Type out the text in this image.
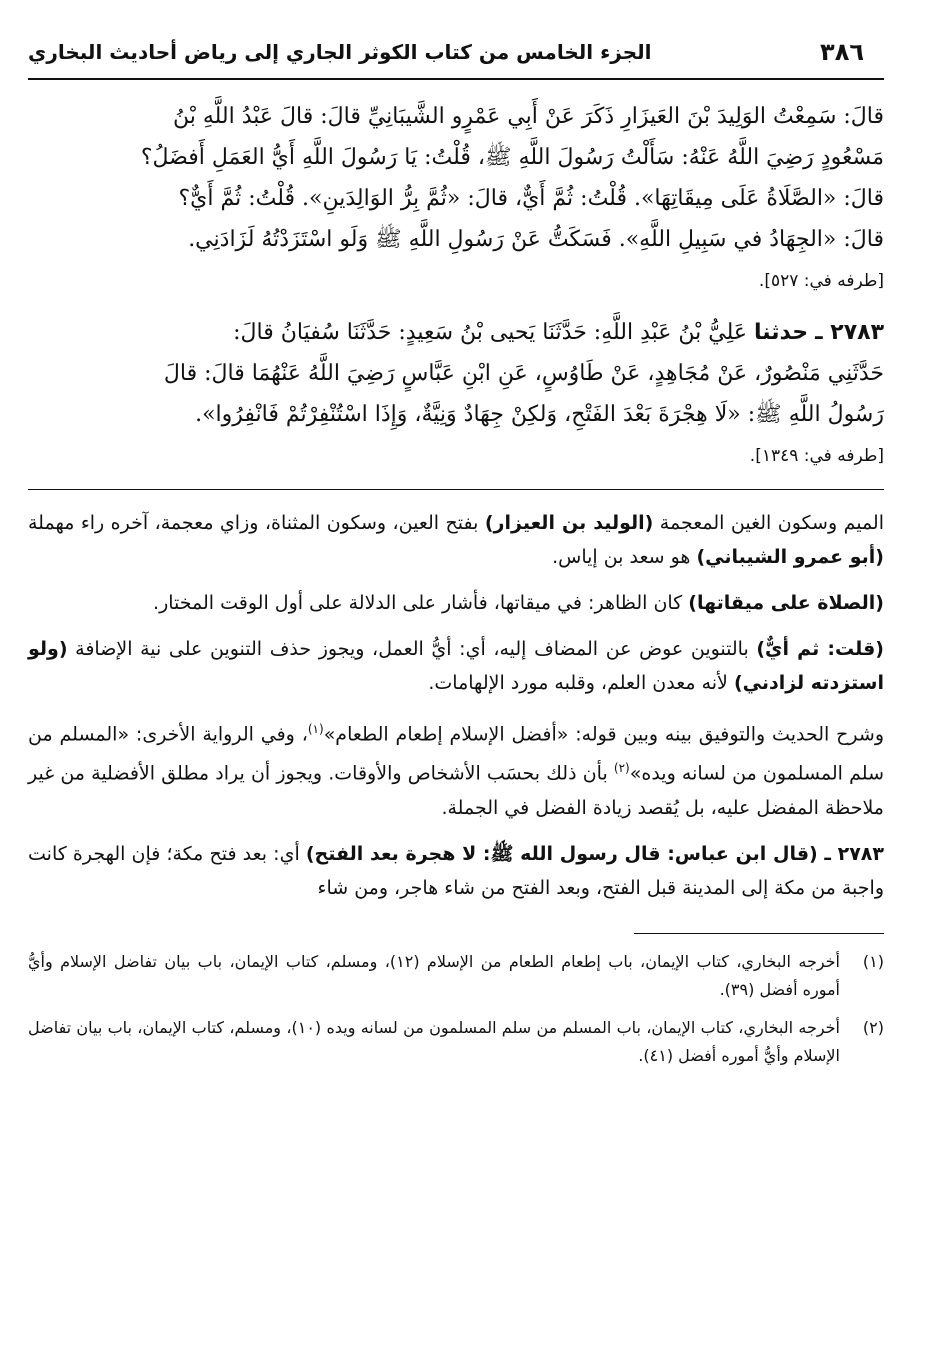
٣٨٦
الجزء الخامس من كتاب الكوثر الجاري إلى رياض أحاديث البخاري

قالَ: سَمِعْتُ الوَلِيدَ بْنَ العَيزَارِ ذَكَرَ عَنْ أَبِي عَمْرٍو الشَّيبَانِيِّ قالَ: قالَ عَبْدُ اللَّهِ بْنُ

مَسْعُودٍ رَضِيَ اللَّهُ عَنْهُ: سَأَلْتُ رَسُولَ اللَّهِ ﷺ، قُلْتُ: يَا رَسُولَ اللَّهِ أَيُّ العَمَلِ أَفضَلُ؟

قالَ: «الصَّلَاةُ عَلَى مِيقَاتِهَا». قُلْتُ: ثُمَّ أَيٌّ، قالَ: «ثُمَّ بِرُّ الوَالِدَينِ». قُلْتُ: ثُمَّ أَيٌّ؟

قالَ: «الجِهَادُ في سَبِيلِ اللَّهِ». فَسَكَتُّ عَنْ رَسُولِ اللَّهِ ﷺ وَلَو اسْتَزَدْتُهُ لَزَادَنِي.

[طرفه في: ٥٢٧].

٢٧٨٣ ـ حدثنا عَلِيُّ بْنُ عَبْدِ اللَّهِ: حَدَّثَنَا يَحيى بْنُ سَعِيدٍ: حَدَّثَنَا سُفيَانُ قالَ:

حَدَّثَنِي مَنْصُورٌ، عَنْ مُجَاهِدٍ، عَنْ طَاوُسٍ، عَنِ ابْنِ عَبَّاسٍ رَضِيَ اللَّهُ عَنْهُمَا قالَ: قالَ

رَسُولُ اللَّهِ ﷺ: «لَا هِجْرَةَ بَعْدَ الفَتْحِ، وَلكِنْ جِهَادٌ وَنِيَّةٌ، وَإِذَا اسْتُنْفِرْتُمْ فَانْفِرُوا».

[طرفه في: ١٣٤٩].

الميم وسكون الغين المعجمة (الوليد بن العيزار) بفتح العين، وسكون المثناة، وزاي معجمة، آخره راء مهملة (أبو عمرو الشيباني) هو سعد بن إياس.

(الصلاة على ميقاتها) كان الظاهر: في ميقاتها، فأشار على الدلالة على أول الوقت المختار.

(قلت: ثم أيٌّ) بالتنوين عوض عن المضاف إليه، أي: أيُّ العمل، ويجوز حذف التنوين على نية الإضافة (ولو استزدته لزادني) لأنه معدن العلم، وقلبه مورد الإلهامات.

وشرح الحديث والتوفيق بينه وبين قوله: «أفضل الإسلام إطعام الطعام»$^{(١)}$، وفي الرواية الأخرى: «المسلم من سلم المسلمون من لسانه ويده»$^{(٢)}$ بأن ذلك بحسَب الأشخاص والأوقات. ويجوز أن يراد مطلق الأفضلية من غير ملاحظة المفضل عليه، بل يُقصد زيادة الفضل في الجملة.

٢٧٨٣ ـ (قال ابن عباس: قال رسول الله ﷺ: لا هجرة بعد الفتح) أي: بعد فتح مكة؛ فإن الهجرة كانت واجبة من مكة إلى المدينة قبل الفتح، وبعد الفتح من شاء هاجر، ومن شاء

(١)
أخرجه البخاري، كتاب الإيمان، باب إطعام الطعام من الإسلام (١٢)، ومسلم، كتاب الإيمان، باب بيان تفاضل الإسلام وأيُّ أموره أفضل (٣٩).
(٢)
أخرجه البخاري، كتاب الإيمان، باب المسلم من سلم المسلمون من لسانه ويده (١٠)، ومسلم، كتاب الإيمان، باب بيان تفاضل الإسلام وأيُّ أموره أفضل (٤١).
